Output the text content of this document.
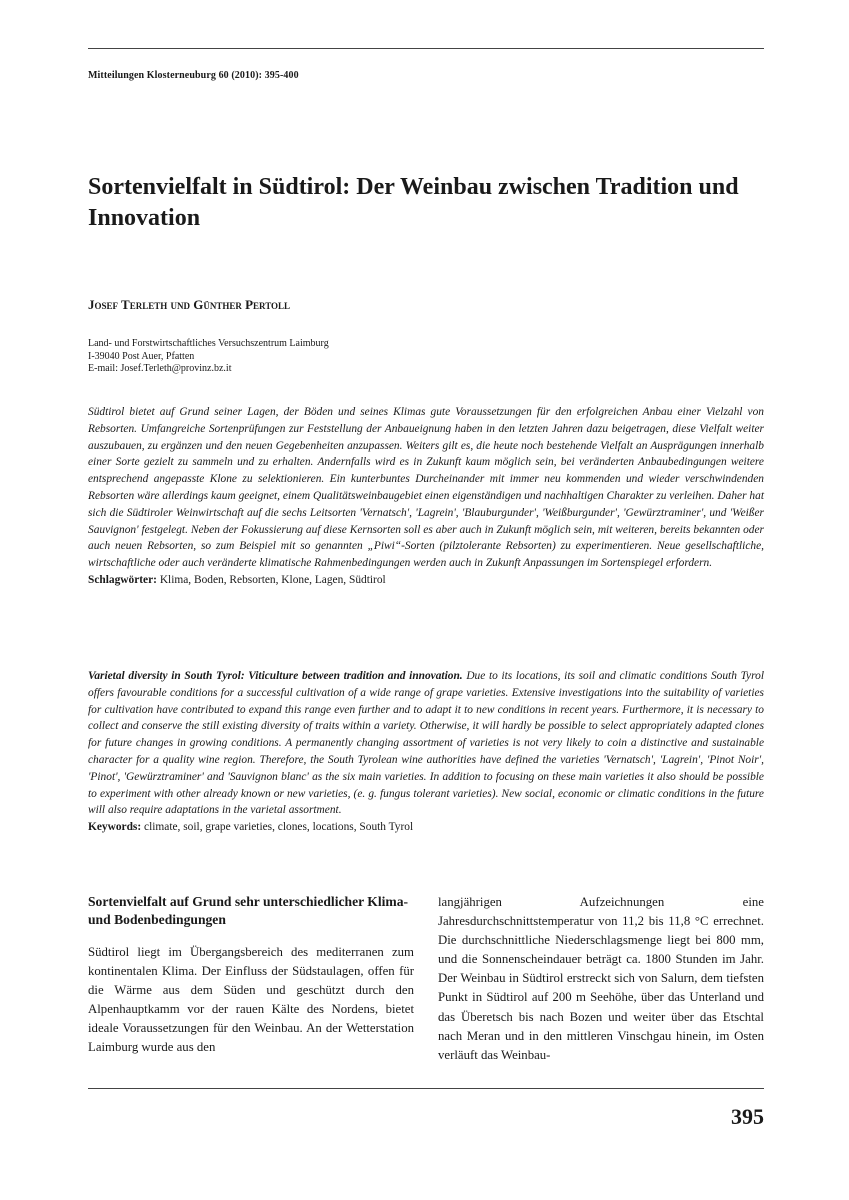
Mitteilungen Klosterneuburg 60 (2010): 395-400
Sortenvielfalt in Südtirol: Der Weinbau zwischen Tradition und Innovation
Josef Terleth und Günther Pertoll
Land- und Forstwirtschaftliches Versuchszentrum Laimburg
I-39040 Post Auer, Pfatten
E-mail: Josef.Terleth@provinz.bz.it
Südtirol bietet auf Grund seiner Lagen, der Böden und seines Klimas gute Voraussetzungen für den erfolgreichen Anbau einer Vielzahl von Rebsorten. Umfangreiche Sortenprüfungen zur Feststellung der Anbaueignung haben in den letzten Jahren dazu beigetragen, diese Vielfalt weiter auszubauen, zu ergänzen und den neuen Gegebenheiten anzupassen. Weiters gilt es, die heute noch bestehende Vielfalt an Ausprägungen innerhalb einer Sorte gezielt zu sammeln und zu erhalten. Andernfalls wird es in Zukunft kaum möglich sein, bei veränderten Anbaubedingungen weitere entsprechend angepasste Klone zu selektionieren. Ein kunterbuntes Durcheinander mit immer neu kommenden und wieder verschwindenden Rebsorten wäre allerdings kaum geeignet, einem Qualitätsweinbaugebiet einen eigenständigen und nachhaltigen Charakter zu verleihen. Daher hat sich die Südtiroler Weinwirtschaft auf die sechs Leitsorten 'Vernatsch', 'Lagrein', 'Blauburgunder', 'Weißburgunder', 'Gewürztraminer', und 'Weißer Sauvignon' festgelegt. Neben der Fokussierung auf diese Kernsorten soll es aber auch in Zukunft möglich sein, mit weiteren, bereits bekannten oder auch neuen Rebsorten, so zum Beispiel mit so genannten „Piwi“-Sorten (pilztolerante Rebsorten) zu experimentieren. Neue gesellschaftliche, wirtschaftliche oder auch veränderte klimatische Rahmenbedingungen werden auch in Zukunft Anpassungen im Sortenspiegel erfordern.
Schlagwörter: Klima, Boden, Rebsorten, Klone, Lagen, Südtirol
Varietal diversity in South Tyrol: Viticulture between tradition and innovation. Due to its locations, its soil and climatic conditions South Tyrol offers favourable conditions for a successful cultivation of a wide range of grape varieties. Extensive investigations into the suitability of varieties for cultivation have contributed to expand this range even further and to adapt it to new conditions in recent years. Furthermore, it is necessary to collect and conserve the still existing diversity of traits within a variety. Otherwise, it will hardly be possible to select appropriately adapted clones for future changes in growing conditions. A permanently changing assortment of varieties is not very likely to coin a distinctive and sustainable character for a quality wine region. Therefore, the South Tyrolean wine authorities have defined the varieties 'Vernatsch', 'Lagrein', 'Pinot Noir', 'Pinot', 'Gewürztraminer' and 'Sauvignon blanc' as the six main varieties. In addition to focusing on these main varieties it also should be possible to experiment with other already known or new varieties, (e. g. fungus tolerant varieties). New social, economic or climatic conditions in the future will also require adaptations in the varietal assortment.
Keywords: climate, soil, grape varieties, clones, locations, South Tyrol
Sortenvielfalt auf Grund sehr unterschiedlicher Klima- und Bodenbedingungen

Südtirol liegt im Übergangsbereich des mediterranen zum kontinentalen Klima. Der Einfluss der Südstaulagen, offen für die Wärme aus dem Süden und geschützt durch den Alpenhauptkamm vor der rauen Kälte des Nordens, bietet ideale Voraussetzungen für den Weinbau. An der Wetterstation Laimburg wurde aus den

langjährigen Aufzeichnungen eine Jahresdurchschnittstemperatur von 11,2 bis 11,8 °C errechnet. Die durchschnittliche Niederschlagsmenge liegt bei 800 mm, und die Sonnenscheindauer beträgt ca. 1800 Stunden im Jahr. Der Weinbau in Südtirol erstreckt sich von Salurn, dem tiefsten Punkt in Südtirol auf 200 m Seehöhe, über das Unterland und das Überetsch bis nach Bozen und weiter über das Etschtal nach Meran und in den mittleren Vinschgau hinein, im Osten verläuft das Weinbau-

395
